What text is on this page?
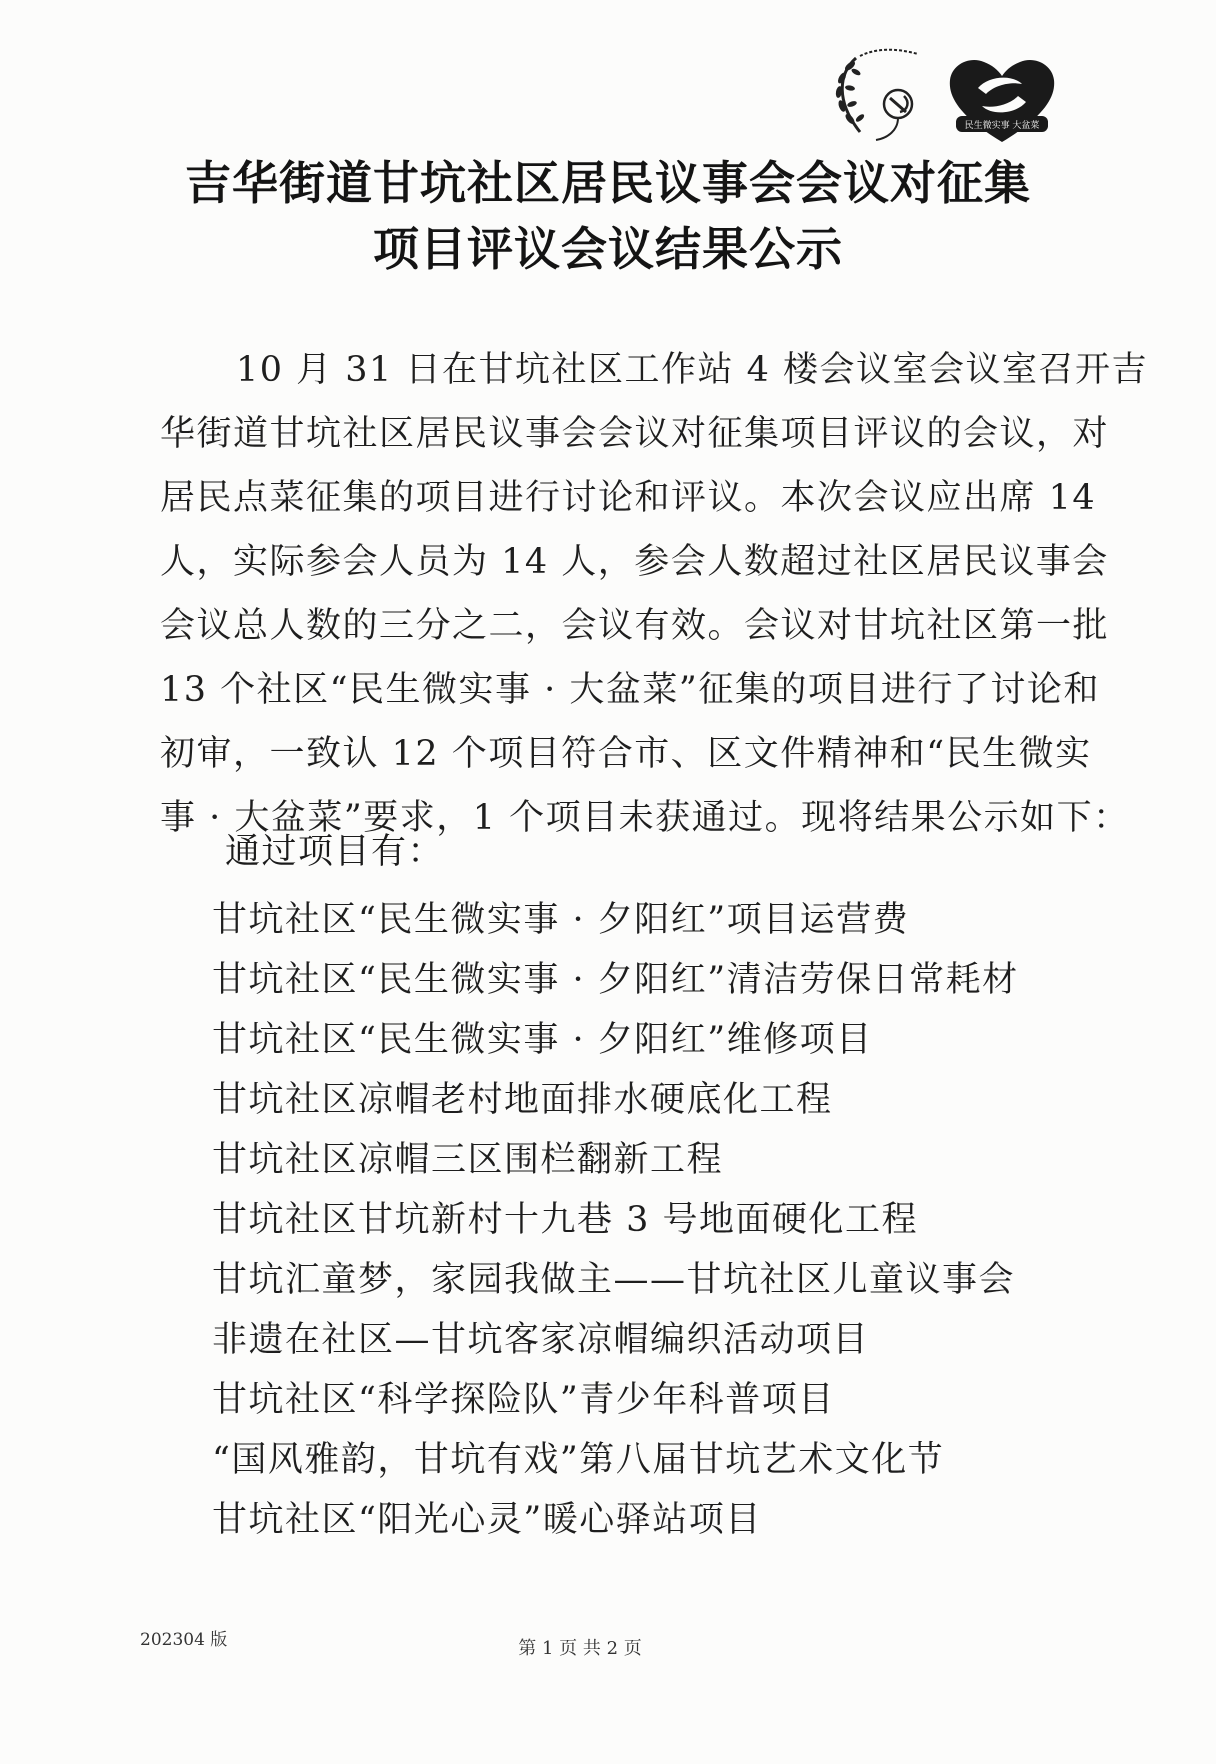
民生微实事 大盆菜
吉华街道甘坑社区居民议事会会议对征集
项目评议会议结果公示
10 月 31 日在甘坑社区工作站 4 楼会议室会议室召开吉
华街道甘坑社区居民议事会会议对征集项目评议的会议，对
居民点菜征集的项目进行讨论和评议。本次会议应出席 14
人，实际参会人员为 14 人，参会人数超过社区居民议事会
会议总人数的三分之二，会议有效。会议对甘坑社区第一批
13 个社区“民生微实事 · 大盆菜”征集的项目进行了讨论和
初审，一致认 12 个项目符合市、区文件精神和“民生微实
事 · 大盆菜”要求，1 个项目未获通过。现将结果公示如下：
通过项目有：
甘坑社区“民生微实事 · 夕阳红”项目运营费
甘坑社区“民生微实事 · 夕阳红”清洁劳保日常耗材
甘坑社区“民生微实事 · 夕阳红”维修项目
甘坑社区凉帽老村地面排水硬底化工程
甘坑社区凉帽三区围栏翻新工程
甘坑社区甘坑新村十九巷 3 号地面硬化工程
甘坑汇童梦，家园我做主——甘坑社区儿童议事会
非遗在社区—甘坑客家凉帽编织活动项目
甘坑社区“科学探险队”青少年科普项目
“国风雅韵，甘坑有戏”第八届甘坑艺术文化节
甘坑社区“阳光心灵”暖心驿站项目
202304 版	第 1 页 共 2 页
